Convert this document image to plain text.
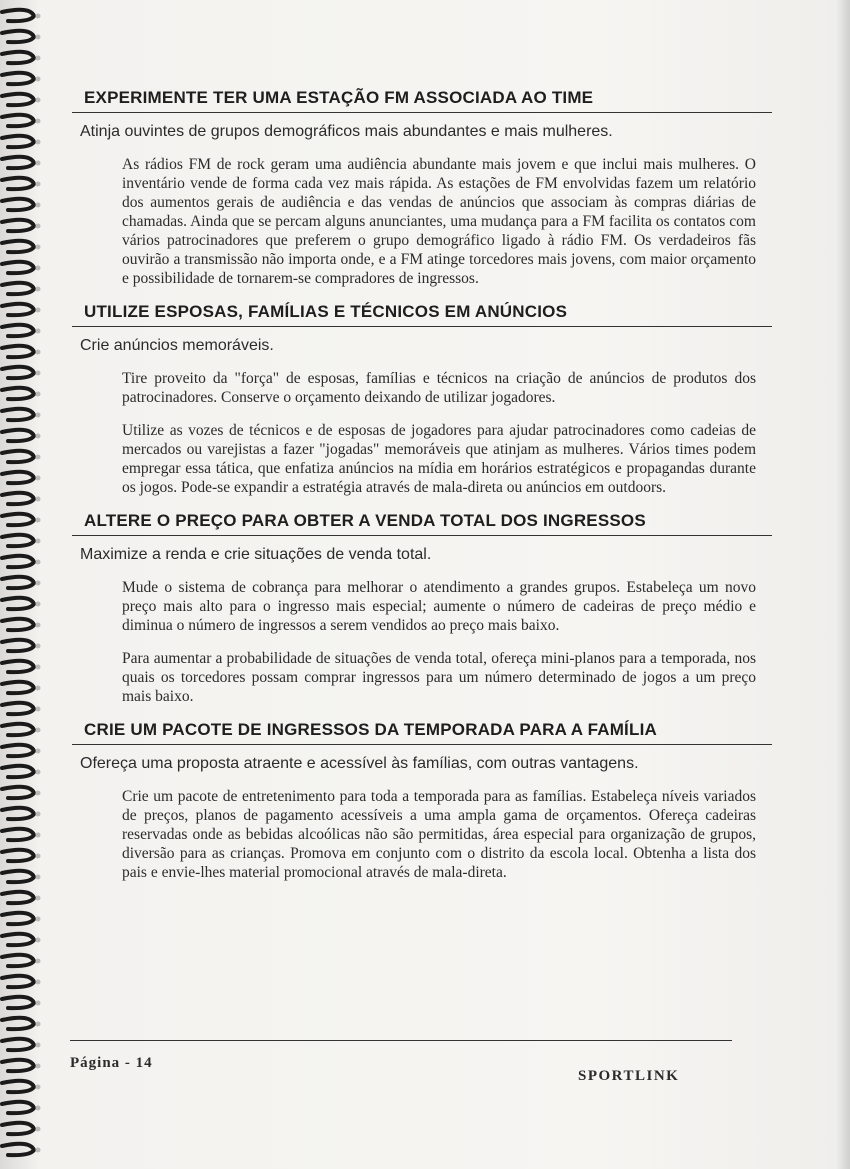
EXPERIMENTE TER UMA ESTAÇÃO FM ASSOCIADA AO TIME
Atinja ouvintes de grupos demográficos mais abundantes e mais mulheres.

As rádios FM de rock geram uma audiência abundante mais jovem e que inclui mais mulheres. O inventário vende de forma cada vez mais rápida. As estações de FM envolvidas fazem um relatório dos aumentos gerais de audiência e das vendas de anúncios que associam às compras diárias de chamadas. Ainda que se percam alguns anunciantes, uma mudança para a FM facilita os contatos com vários patrocinadores que preferem o grupo demográfico ligado à rádio FM. Os verdadeiros fãs ouvirão a transmissão não importa onde, e a FM atinge torcedores mais jovens, com maior orçamento e possibilidade de tornarem-se compradores de ingressos.

UTILIZE ESPOSAS, FAMÍLIAS E TÉCNICOS EM ANÚNCIOS
Crie anúncios memoráveis.

Tire proveito da "força" de esposas, famílias e técnicos na criação de anúncios de produtos dos patrocinadores. Conserve o orçamento deixando de utilizar jogadores.

Utilize as vozes de técnicos e de esposas de jogadores para ajudar patrocinadores como cadeias de mercados ou varejistas a fazer "jogadas" memoráveis que atinjam as mulheres. Vários times podem empregar essa tática, que enfatiza anúncios na mídia em horários estratégicos e propagandas durante os jogos. Pode-se expandir a estratégia através de mala-direta ou anúncios em outdoors.

ALTERE O PREÇO PARA OBTER A VENDA TOTAL DOS INGRESSOS
Maximize a renda e crie situações de venda total.

Mude o sistema de cobrança para melhorar o atendimento a grandes grupos. Estabeleça um novo preço mais alto para o ingresso mais especial; aumente o número de cadeiras de preço médio e diminua o número de ingressos a serem vendidos ao preço mais baixo.

Para aumentar a probabilidade de situações de venda total, ofereça mini-planos para a temporada, nos quais os torcedores possam comprar ingressos para um número determinado de jogos a um preço mais baixo.

CRIE UM PACOTE DE INGRESSOS DA TEMPORADA PARA A FAMÍLIA
Ofereça uma proposta atraente e acessível às famílias, com outras vantagens.

Crie um pacote de entretenimento para toda a temporada para as famílias. Estabeleça níveis variados de preços, planos de pagamento acessíveis a uma ampla gama de orçamentos. Ofereça cadeiras reservadas onde as bebidas alcoólicas não são permitidas, área especial para organização de grupos, diversão para as crianças. Promova em conjunto com o distrito da escola local. Obtenha a lista dos pais e envie-lhes material promocional através de mala-direta.

Página - 14
SPORTLINK
